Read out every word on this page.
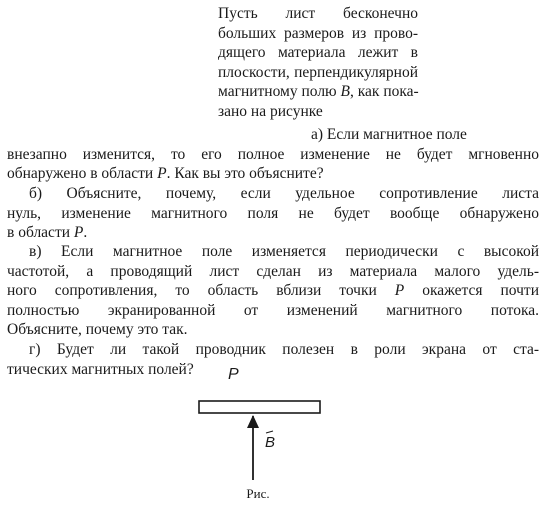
Пусть лист бесконечно
больших размеров из прово-
дящего материала лежит в
плоскости, перпендикулярной
магнитному полю B, как пока-
зано на рисунке
а) Если магнитное поле
внезапно изменится, то его полное изменение не будет мгновенно
обнаружено в области P. Как вы это объясните?
б) Объясните, почему, если удельное сопротивление листа
нуль, изменение магнитного поля не будет вообще обнаружено
в области P.
в) Если магнитное поле изменяется периодически с высокой
частотой, а проводящий лист сделан из материала малого удель-
ного сопротивления, то область вблизи точки P окажется почти
полностью экранированной от изменений магнитного потока.
Объясните, почему это так.
г) Будет ли такой проводник полезен в роли экрана от ста-
тических магнитных полей?	P
B
Рис.
